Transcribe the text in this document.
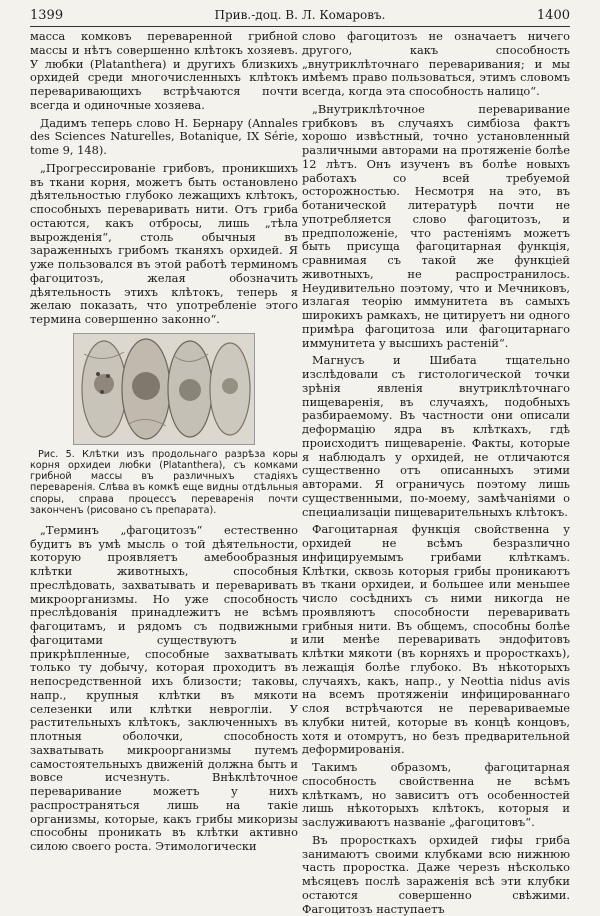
1399	Прив.-доц. В. Л. Комаровъ.	1400

масса комковъ переваренной грибной массы и нѣтъ совершенно клѣтокъ хозяевъ. У любки (Platanthera) и другихъ близкихъ орхидей среди многочисленныхъ клѣтокъ переваривающихъ встрѣчаются почти всегда и одиночные хозяева.

Дадимъ теперь слово Н. Бернару (Annales des Sciences Naturelles, Botanique, IX Série, tome 9, 148).

„Прогрессированіе грибовъ, проникшихъ въ ткани корня, можетъ быть остановлено дѣятельностью глубоко лежащихъ клѣтокъ, способныхъ переваривать нити. Отъ гриба остаются, какъ отбросы, лишь „тѣла вырожденія“, столь обычныя въ зараженныхъ грибомъ тканяхъ орхидей. Я уже пользовался въ этой работѣ терминомъ фагоцитозъ, желая обозначить дѣятельность этихъ клѣтокъ, теперь я желаю показать, что употребленіе этого термина совершенно законно“.

Рис. 5. Клѣтки изъ продольнаго разрѣза коры корня орхидеи любки (Platanthera), съ комками грибной массы въ различныхъ стадіяхъ переваренія. Слѣва въ комкѣ еще видны отдѣльныя споры, справа процессъ переваренія почти законченъ (рисовано съ препарата).

„Терминъ „фагоцитозъ“ естественно будитъ въ умѣ мысль о той дѣятельности, которую проявляетъ амебообразныя клѣтки животныхъ, способныя преслѣдовать, захватывать и переваривать микроорганизмы. Но уже способность преслѣдованія принадлежитъ не всѣмъ фагоцитамъ, и рядомъ съ подвижными фагоцитами существуютъ и прикрѣпленные, способные захватывать только ту добычу, которая проходитъ въ непосредственной ихъ близости; таковы, напр., крупныя клѣтки въ мякоти селезенки или клѣтки невроглiи. У растительныхъ клѣтокъ, заключенныхъ въ плотныя оболочки, способность захватывать микроорганизмы путемъ самостоятельныхъ движеній должна быть и вовсе исчезнуть. Внѣклѣточное переваривание можетъ у нихъ распространяться лишь на такіе организмы, которые, какъ грибы микоризы способны проникать въ клѣтки активно силою своего роста. Этимологически

слово фагоцитозъ не означаетъ ничего другого, какъ способность „внутриклѣточнаго переваривания; и мы имѣемъ право пользоваться, этимъ словомъ всегда, когда эта способность налицо“.

„Внутриклѣточное переваривание грибковъ въ случаяхъ симбіоза фактъ хорошо извѣстный, точно установленный различными авторами на протяженіе болѣе 12 лѣтъ. Онъ изученъ въ болѣе новыхъ работахъ со всей требуемой осторожностью. Несмотря на это, въ ботанической литературѣ почти не употребляется слово фагоцитозъ, и предположеніе, что растеніямъ можетъ быть присуща фагоцитарная функція, сравнимая съ такой же функціей животныхъ, не распространилось. Неудивительно поэтому, что и Мечниковъ, излагая теорію иммунитета въ самыхъ широкихъ рамкахъ, не цитируетъ ни одного примѣра фагоцитоза или фагоцитарнаго иммунитета у высшихъ растеній“.

Магнусъ и Шибата тщательно изслѣдовали съ гистологической точки зрѣнія явленія внутриклѣточнаго пищеваренія, въ случаяхъ, подобныхъ разбираемому. Въ частности они описали деформацію ядра въ клѣткахъ, гдѣ происходитъ пищевареніе. Факты, которые я наблюдалъ у орхидей, не отличаются существенно отъ описанныхъ этими авторами. Я ограничусь поэтому лишь существенными, по-моему, замѣчаніями о специализаціи пищеварительныхъ клѣтокъ.

Фагоцитарная функція свойственна у орхидей не всѣмъ безразлично инфицируемымъ грибами клѣткамъ. Клѣтки, сквозь которыя грибы проникаютъ въ ткани орхидеи, и большее или меньшее число сосѣднихъ съ ними никогда не проявляютъ способности переваривать грибныя нити. Въ общемъ, способны болѣе или менѣе переваривать эндофитовъ клѣтки мякоти (въ корняхъ и проросткахъ), лежащія болѣе глубоко. Въ нѣкоторыхъ случаяхъ, какъ, напр., у Neottia nidus avis на всемъ протяженіи инфицированнаго слоя встрѣчаются не перевариваемые клубки нитей, которые въ концѣ концовъ, хотя и отомрутъ, но безъ предварительной деформированія.

Такимъ образомъ, фагоцитарная способность свойственна не всѣмъ клѣткамъ, но зависитъ отъ особенностей лишь нѣкоторыхъ клѣтокъ, которыя и заслуживаютъ названіе „фагоцитовъ“.

Въ проросткахъ орхидей гифы гриба занимаютъ своими клубками всю нижнюю часть проростка. Даже черезъ нѣсколько мѣсяцевъ послѣ зараженія всѣ эти клубки остаются совершенно свѣжими. Фагоцитозъ наступаетъ
